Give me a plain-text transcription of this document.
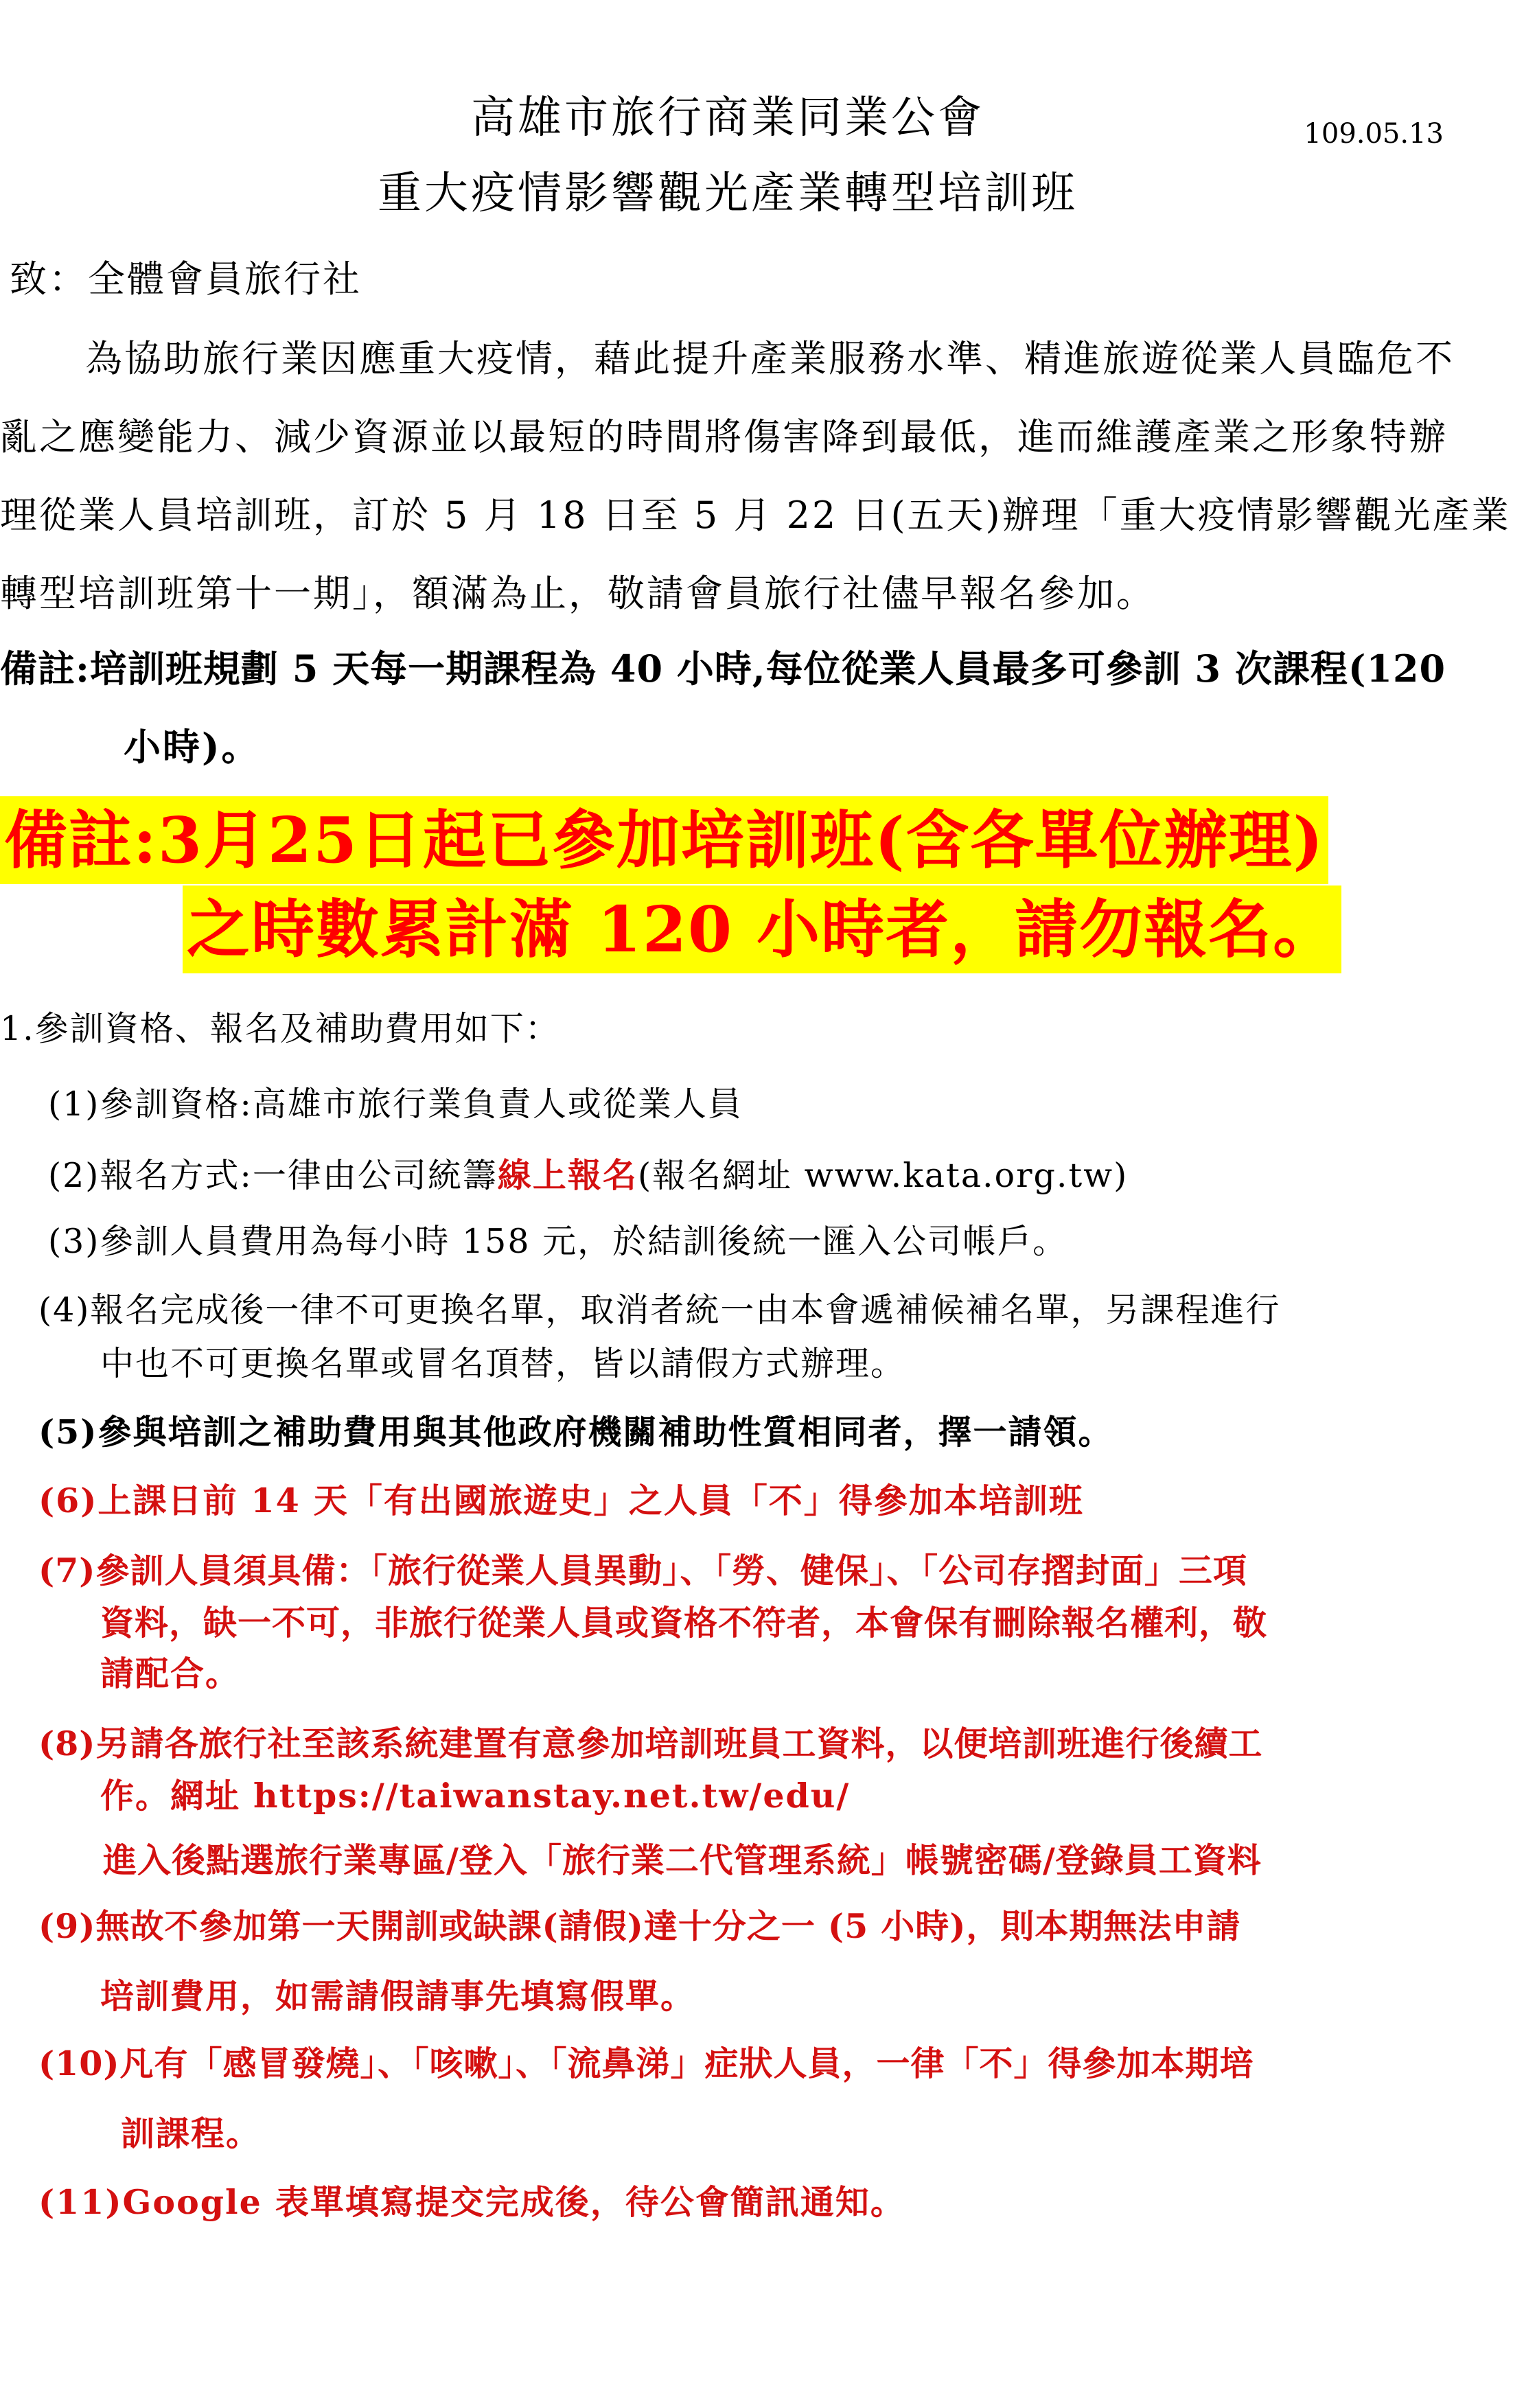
高雄市旅行商業同業公會
重大疫情影響觀光產業轉型培訓班
109.05.13
致：全體會員旅行社
為協助旅行業因應重大疫情，藉此提升產業服務水準、精進旅遊從業人員臨危不
亂之應變能力、減少資源並以最短的時間將傷害降到最低，進而維護產業之形象特辦
理從業人員培訓班，訂於 5 月 18 日至 5 月 22 日(五天)辦理「重大疫情影響觀光產業
轉型培訓班第十一期」，額滿為止，敬請會員旅行社儘早報名參加。
備註:培訓班規劃 5 天每一期課程為 40 小時,每位從業人員最多可參訓 3 次課程(120
小時)。
備註:3月25日起已參加培訓班(含各單位辦理)
之時數累計滿 120 小時者，請勿報名。
1.參訓資格、報名及補助費用如下：
(1)參訓資格:高雄市旅行業負責人或從業人員
(2)報名方式:一律由公司統籌線上報名(報名網址 www.kata.org.tw)
(3)參訓人員費用為每小時 158 元，於結訓後統一匯入公司帳戶。
(4)報名完成後一律不可更換名單，取消者統一由本會遞補候補名單，另課程進行
中也不可更換名單或冒名頂替，皆以請假方式辦理。
(5)參與培訓之補助費用與其他政府機關補助性質相同者，擇一請領。
(6)上課日前 14 天「有出國旅遊史」之人員「不」得參加本培訓班
(7)參訓人員須具備：「旅行從業人員異動」、「勞、健保」、「公司存摺封面」三項
資料，缺一不可，非旅行從業人員或資格不符者，本會保有刪除報名權利，敬
請配合。
(8)另請各旅行社至該系統建置有意參加培訓班員工資料，以便培訓班進行後續工
作。網址 https://taiwanstay.net.tw/edu/
進入後點選旅行業專區/登入「旅行業二代管理系統」帳號密碼/登錄員工資料
(9)無故不參加第一天開訓或缺課(請假)達十分之一 (5 小時)，則本期無法申請
培訓費用，如需請假請事先填寫假單。
(10)凡有「感冒發燒」、「咳嗽」、「流鼻涕」症狀人員，一律「不」得參加本期培
訓課程。
(11)Google 表單填寫提交完成後，待公會簡訊通知。
